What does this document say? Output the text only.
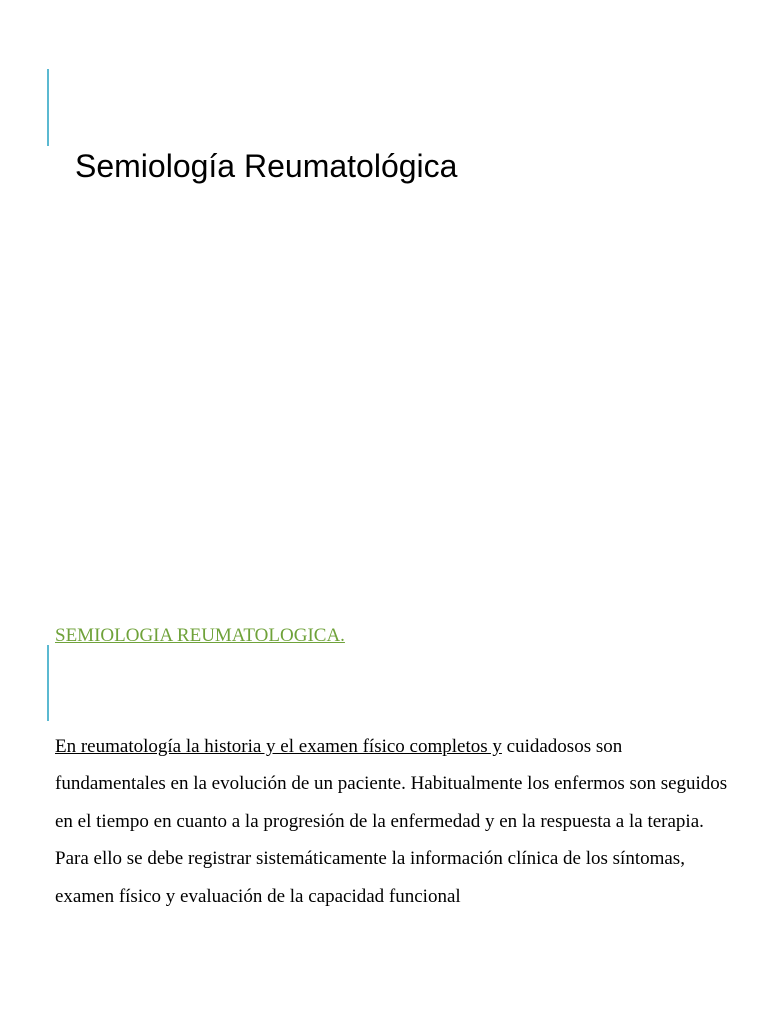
Semiología Reumatológica

SEMIOLOGIA REUMATOLOGICA.

En reumatología la historia y el examen físico completos y cuidadosos son fundamentales en la evolución de un paciente. Habitualmente los enfermos son seguidos en el tiempo en cuanto a la progresión de la enfermedad y en la respuesta a la terapia. Para ello se debe registrar sistemáticamente la información clínica de los síntomas, examen físico y evaluación de la capacidad funcional
